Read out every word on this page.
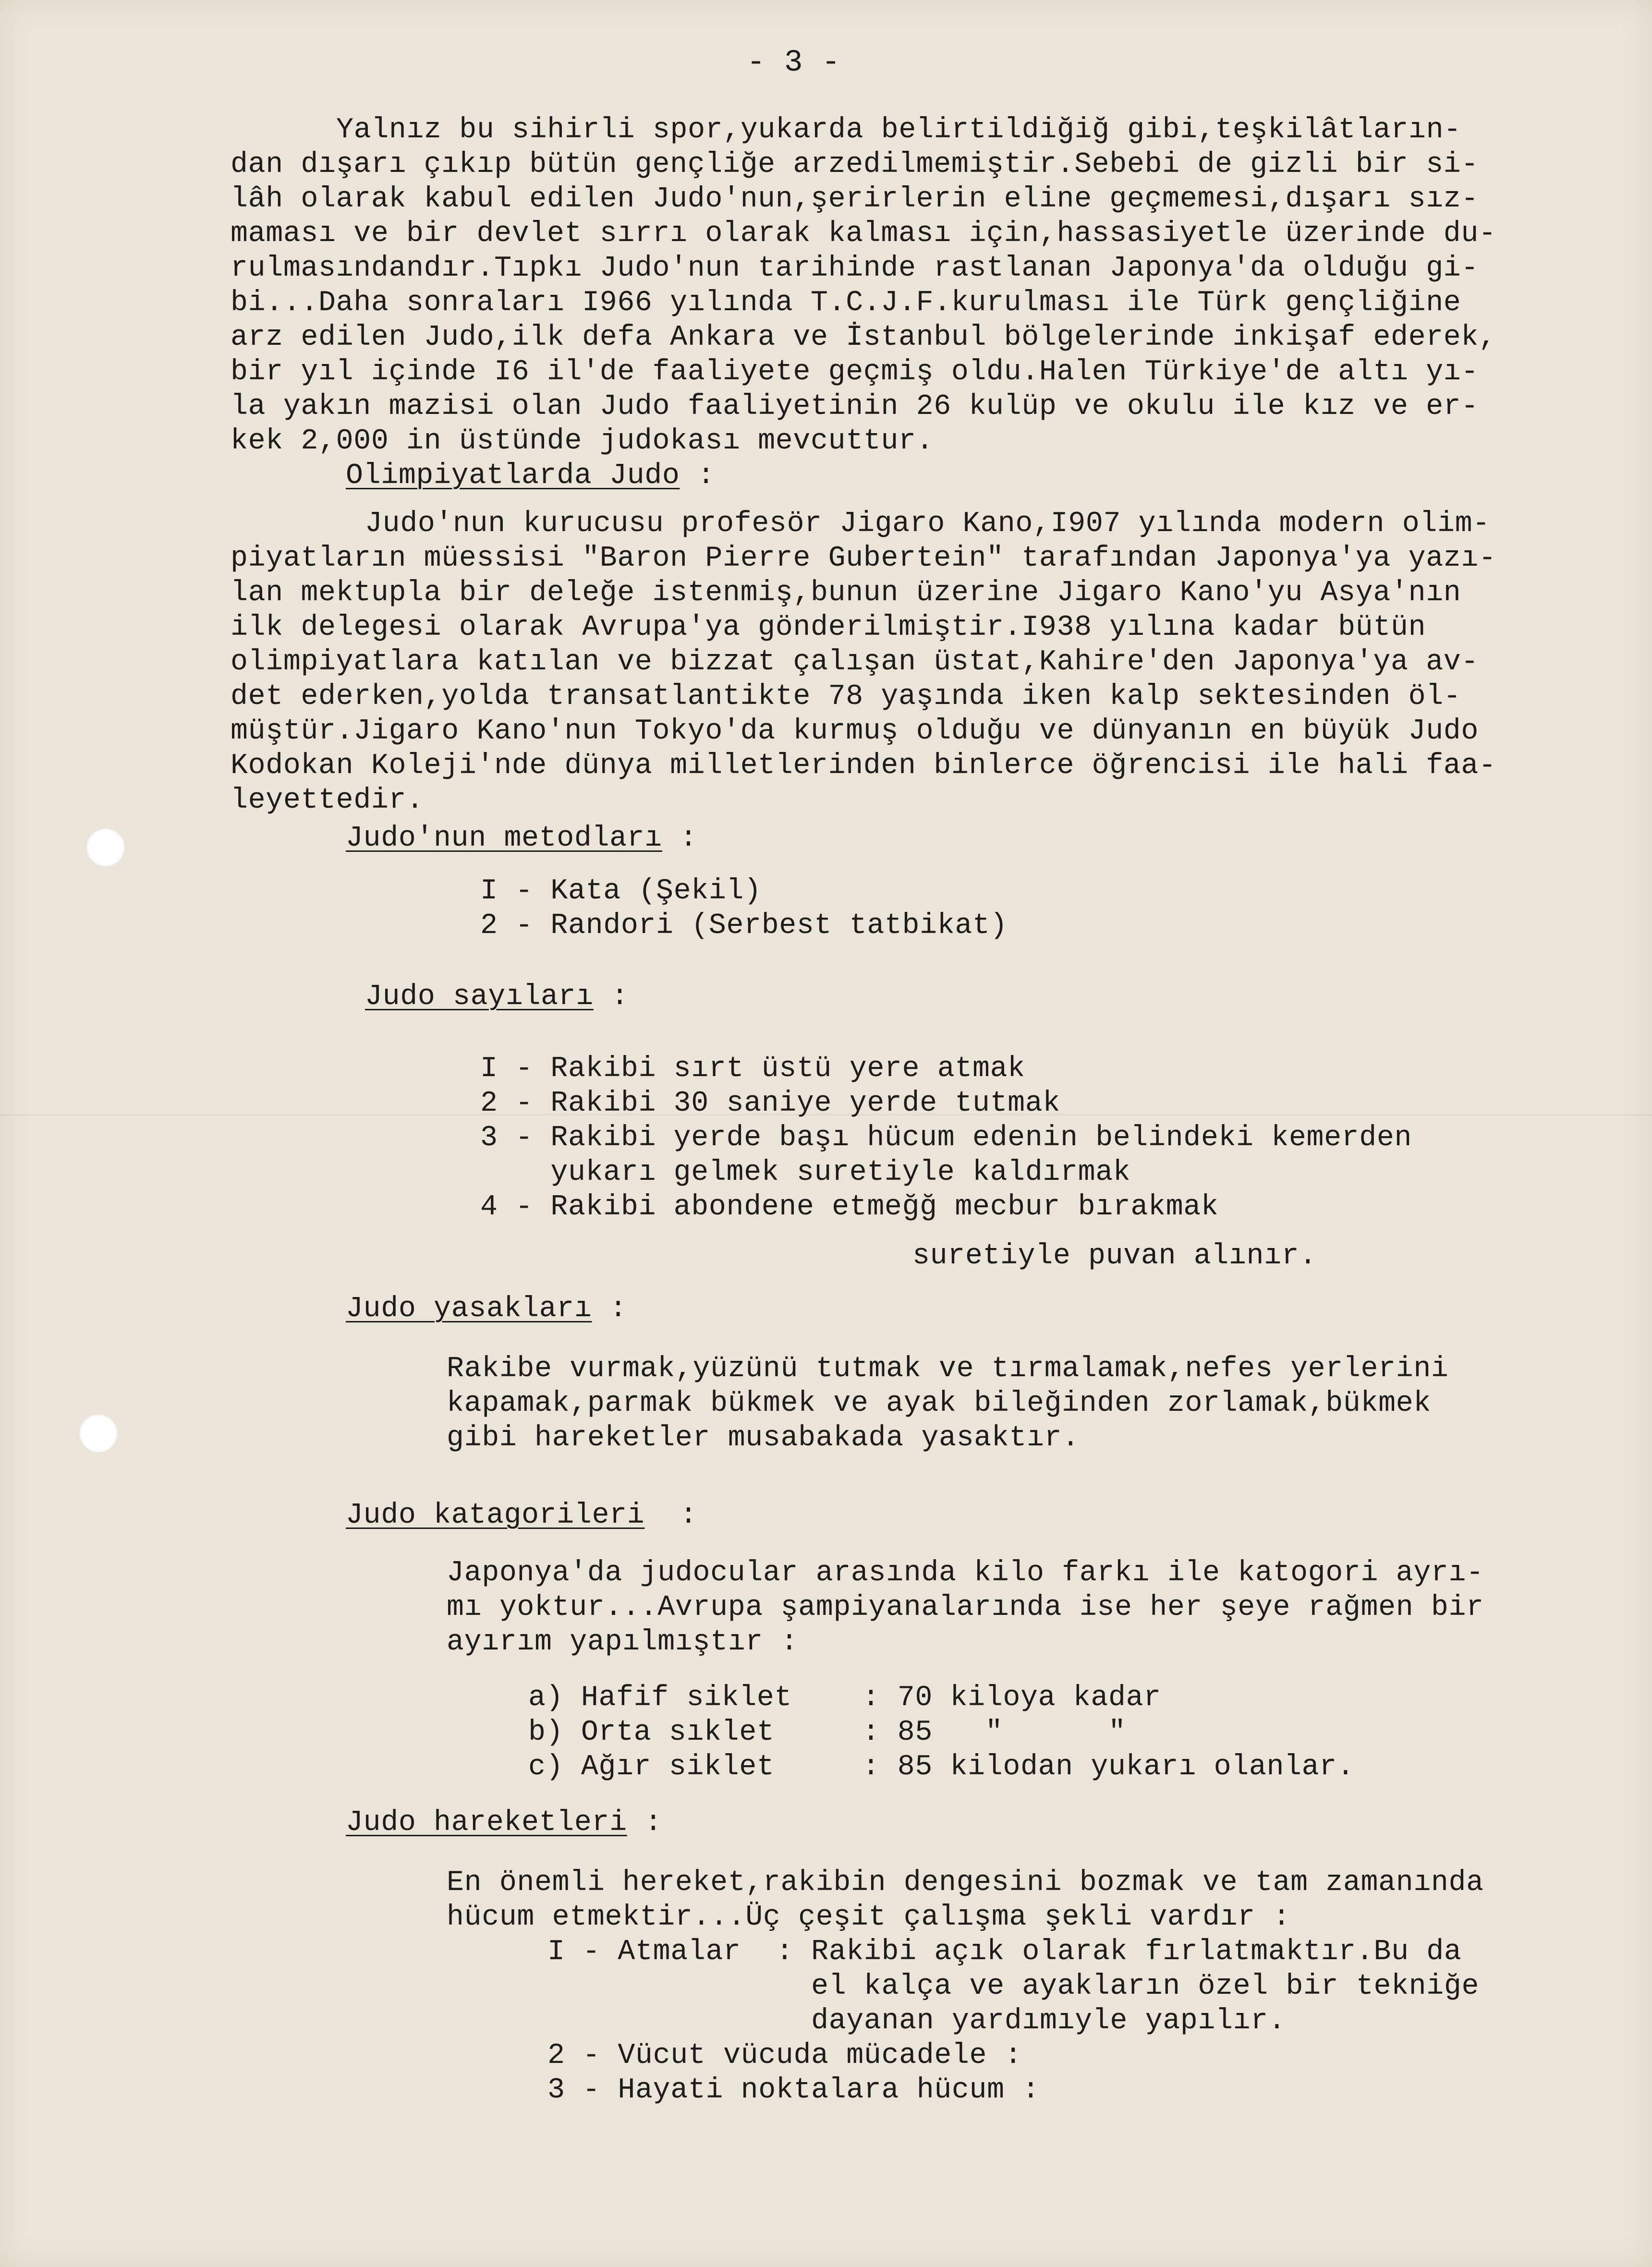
- 3 -
Yalnız bu sihirli spor,yukarda belirtildiğiğ gibi,teşkilâtların-
dan dışarı çıkıp bütün gençliğe arzedilmemiştir.Sebebi de gizli bir si-
lâh olarak kabul edilen Judo'nun,şerirlerin eline geçmemesi,dışarı sız-
maması ve bir devlet sırrı olarak kalması için,hassasiyetle üzerinde du-
rulmasındandır.Tıpkı Judo'nun tarihinde rastlanan Japonya'da olduğu gi-
bi...Daha sonraları I966 yılında T.C.J.F.kurulması ile Türk gençliğine
arz edilen Judo,ilk defa Ankara ve İstanbul bölgelerinde inkişaf ederek,
bir yıl içinde I6 il'de faaliyete geçmiş oldu.Halen Türkiye'de altı yı-
la yakın mazisi olan Judo faaliyetinin 26 kulüp ve okulu ile kız ve er-
kek 2,000 in üstünde judokası mevcuttur.
Olimpiyatlarda Judo :
Judo'nun kurucusu profesör Jigaro Kano,I907 yılında modern olim-
piyatların müessisi "Baron Pierre Gubertein" tarafından Japonya'ya yazı-
lan mektupla bir deleğe istenmiş,bunun üzerine Jigaro Kano'yu Asya'nın
ilk delegesi olarak Avrupa'ya gönderilmiştir.I938 yılına kadar bütün
olimpiyatlara katılan ve bizzat çalışan üstat,Kahire'den Japonya'ya av-
det ederken,yolda transatlantikte 78 yaşında iken kalp sektesinden öl-
müştür.Jigaro Kano'nun Tokyo'da kurmuş olduğu ve dünyanın en büyük Judo
Kodokan Koleji'nde dünya milletlerinden binlerce öğrencisi ile hali faa-
leyettedir.
Judo'nun metodları :
I - Kata (Şekil)
2 - Randori (Serbest tatbikat)
Judo sayıları :
I - Rakibi sırt üstü yere atmak
2 - Rakibi 30 saniye yerde tutmak
3 - Rakibi yerde başı hücum edenin belindeki kemerden
yukarı gelmek suretiyle kaldırmak
4 - Rakibi abondene etmeğğ mecbur bırakmak
suretiyle puvan alınır.
Judo yasakları :
Rakibe vurmak,yüzünü tutmak ve tırmalamak,nefes yerlerini
kapamak,parmak bükmek ve ayak bileğinden zorlamak,bükmek
gibi hareketler musabakada yasaktır.
Judo katagorileri :
Japonya'da judocular arasında kilo farkı ile katogori ayrı-
mı yoktur...Avrupa şampiyanalarında ise her şeye rağmen bir
ayırım yapılmıştır :
a) Hafif siklet    : 70 kiloya kadar
b) Orta sıklet     : 85   "      "
c) Ağır siklet     : 85 kilodan yukarı olanlar.
Judo hareketleri :
En önemli hereket,rakibin dengesini bozmak ve tam zamanında
hücum etmektir...Üç çeşit çalışma şekli vardır :
I - Atmalar  : Rakibi açık olarak fırlatmaktır.Bu da
el kalça ve ayakların özel bir tekniğe
dayanan yardımıyle yapılır.
2 - Vücut vücuda mücadele :
3 - Hayati noktalara hücum :
